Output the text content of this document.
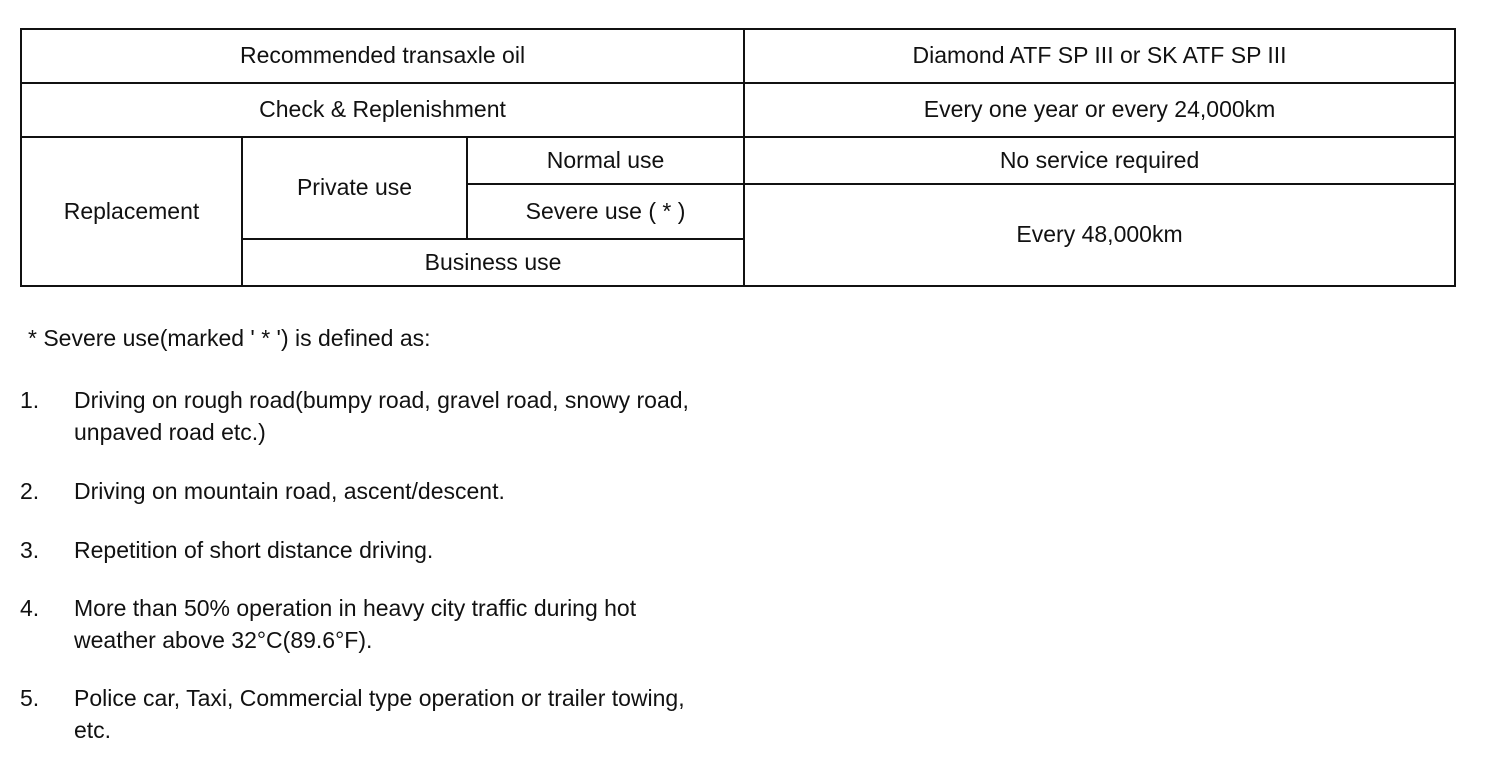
Recommended transaxle oil			Diamond ATF SP III or SK ATF SP III
Check & Replenishment			Every one year or every 24,000km
Replacement	Private use	Normal use	No service required
		Severe use ( * )	Every 48,000km
	Business use		
* Severe use(marked ' * ') is defined as:
1.	Driving on rough road(bumpy road, gravel road, snowy road, unpaved road etc.)
2.	Driving on mountain road, ascent/descent.
3.	Repetition of short distance driving.
4.	More than 50% operation in heavy city traffic during hot weather above 32°C(89.6°F).
5.	Police car, Taxi, Commercial type operation or trailer towing, etc.
